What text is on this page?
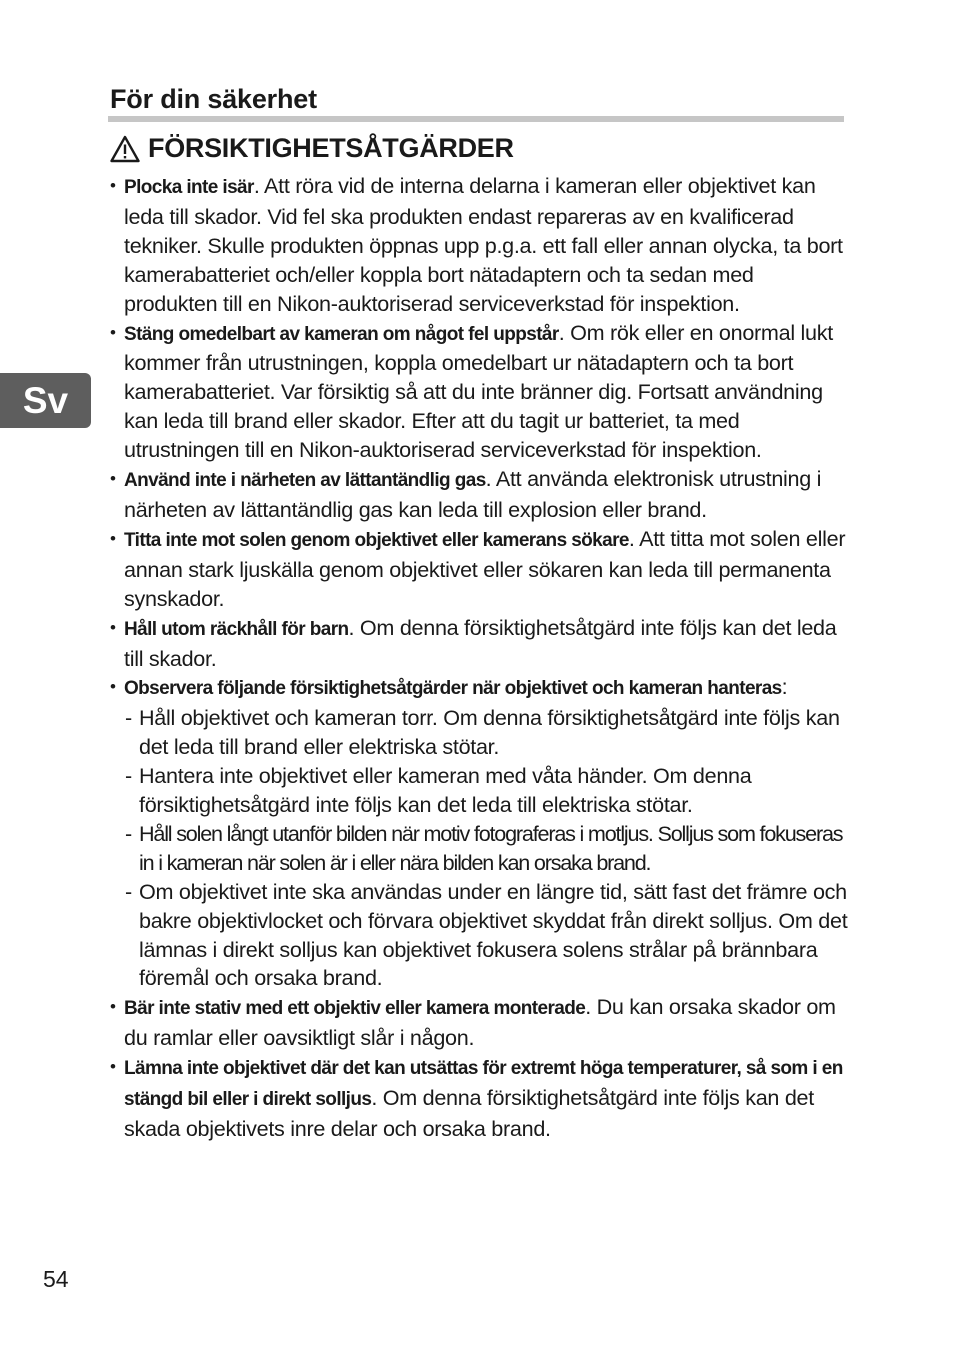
För din säkerhet
FÖRSIKTIGHETSÅTGÄRDER
Sv
• Plocka inte isär. Att röra vid de interna delarna i kameran eller objektivet kan leda till skador. Vid fel ska produkten endast repareras av en kvalificerad tekniker. Skulle produkten öppnas upp p.g.a. ett fall eller annan olycka, ta bort kamerabatteriet och/eller koppla bort nätadaptern och ta sedan med produkten till en Nikon-auktoriserad serviceverkstad för inspektion.
• Stäng omedelbart av kameran om något fel uppstår. Om rök eller en onormal lukt kommer från utrustningen, koppla omedelbart ur nätadaptern och ta bort kamerabatteriet. Var försiktig så att du inte bränner dig. Fortsatt användning kan leda till brand eller skador. Efter att du tagit ur batteriet, ta med utrustningen till en Nikon-auktoriserad serviceverkstad för inspektion.
• Använd inte i närheten av lättantändlig gas. Att använda elektronisk utrustning i närheten av lättantändlig gas kan leda till explosion eller brand.
• Titta inte mot solen genom objektivet eller kamerans sökare. Att titta mot solen eller annan stark ljuskälla genom objektivet eller sökaren kan leda till permanenta synskador.
• Håll utom räckhåll för barn. Om denna försiktighetsåtgärd inte följs kan det leda till skador.
• Observera följande försiktighetsåtgärder när objektivet och kameran hanteras:
- Håll objektivet och kameran torr. Om denna försiktighetsåtgärd inte följs kan det leda till brand eller elektriska stötar.
- Hantera inte objektivet eller kameran med våta händer. Om denna försiktighetsåtgärd inte följs kan det leda till elektriska stötar.
- Håll solen långt utanför bilden när motiv fotograferas i motljus. Solljus som fokuseras in i kameran när solen är i eller nära bilden kan orsaka brand.
- Om objektivet inte ska användas under en längre tid, sätt fast det främre och bakre objektivlocket och förvara objektivet skyddat från direkt solljus. Om det lämnas i direkt solljus kan objektivet fokusera solens strålar på brännbara föremål och orsaka brand.
• Bär inte stativ med ett objektiv eller kamera monterade. Du kan orsaka skador om du ramlar eller oavsiktligt slår i någon.
• Lämna inte objektivet där det kan utsättas för extremt höga temperaturer, så som i en stängd bil eller i direkt solljus. Om denna försiktighetsåtgärd inte följs kan det skada objektivets inre delar och orsaka brand.
54
